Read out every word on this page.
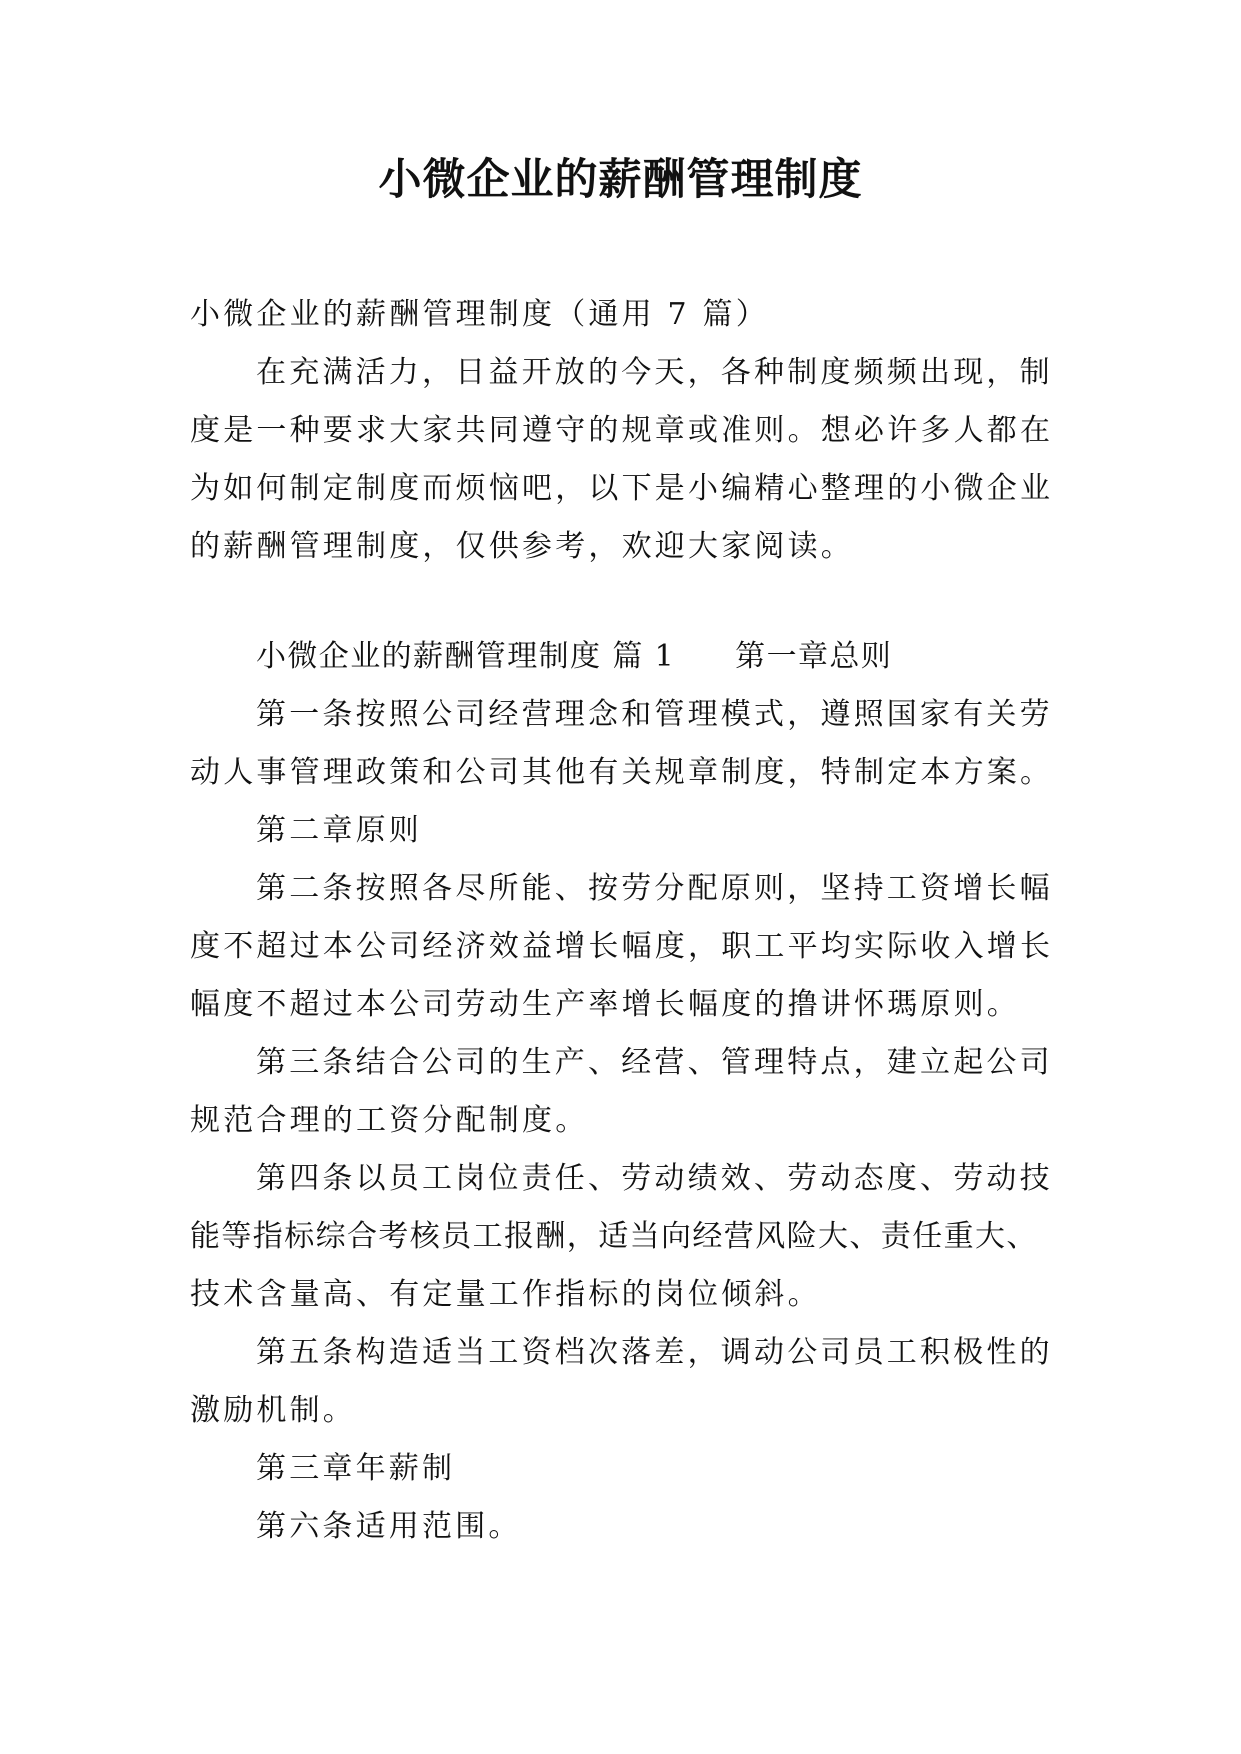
小微企业的薪酬管理制度
小微企业的薪酬管理制度（通用 7 篇）
在充满活力，日益开放的今天，各种制度频频出现，制
度是一种要求大家共同遵守的规章或准则。想必许多人都在
为如何制定制度而烦恼吧，以下是小编精心整理的小微企业
的薪酬管理制度，仅供参考，欢迎大家阅读。
小微企业的薪酬管理制度 篇 1 第一章总则
第一条按照公司经营理念和管理模式，遵照国家有关劳
动人事管理政策和公司其他有关规章制度，特制定本方案。
第二章原则
第二条按照各尽所能、按劳分配原则，坚持工资增长幅
度不超过本公司经济效益增长幅度，职工平均实际收入增长
幅度不超过本公司劳动生产率增长幅度的撸讲怀瑪原则。
第三条结合公司的生产、经营、管理特点，建立起公司
规范合理的工资分配制度。
第四条以员工岗位责任、劳动绩效、劳动态度、劳动技
能等指标综合考核员工报酬，适当向经营风险大、责任重大、
技术含量高、有定量工作指标的岗位倾斜。
第五条构造适当工资档次落差，调动公司员工积极性的
激励机制。
第三章年薪制
第六条适用范围。
